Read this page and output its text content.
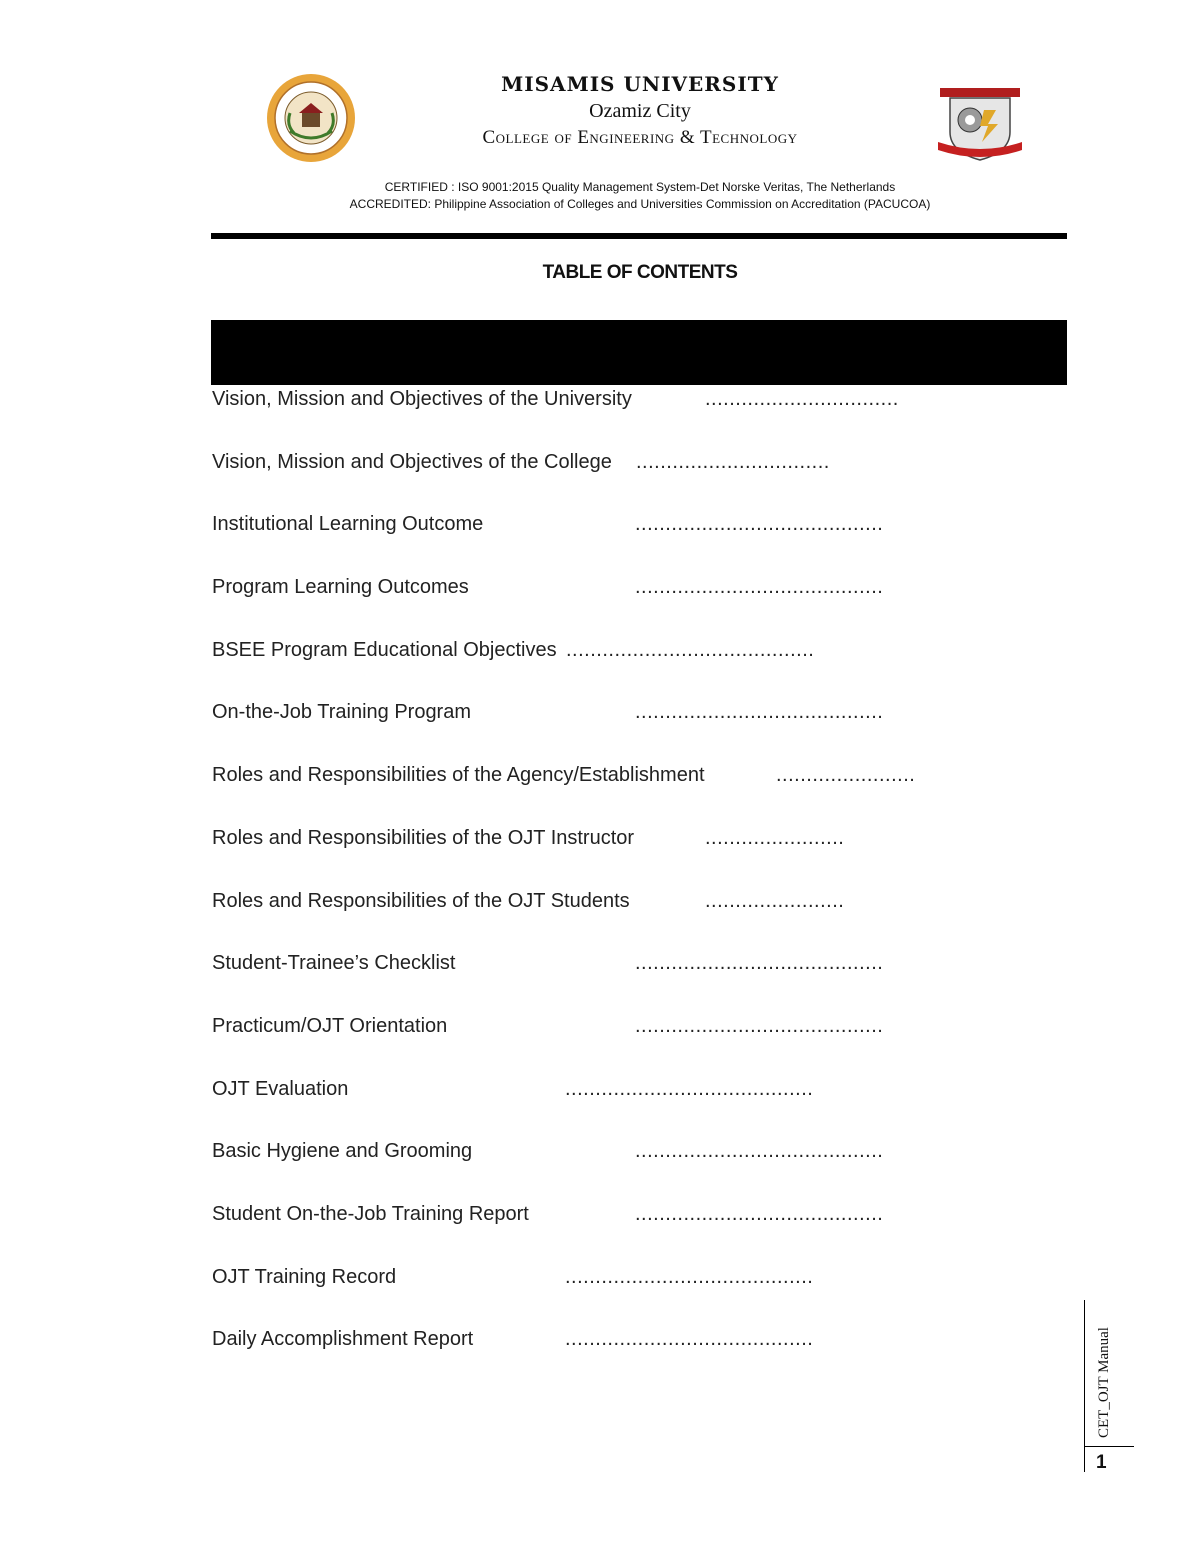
MISAMIS UNIVERSITY
Ozamiz City
College of Engineering & Technology
CERTIFIED : ISO 9001:2015 Quality Management System-Det Norske Veritas, The Netherlands
ACCREDITED: Philippine Association of Colleges and Universities Commission on Accreditation (PACUCOA)
TABLE OF CONTENTS
Vision, Mission and Objectives of the University	................................
Vision, Mission and Objectives of the College ................................
Institutional Learning Outcome	.........................................
Program Learning Outcomes	.........................................
BSEE Program Educational Objectives .........................................
On-the-Job Training Program	.........................................
Roles and Responsibilities of the Agency/Establishment	.......................
Roles and Responsibilities of the OJT Instructor	.......................
Roles and Responsibilities of the OJT Students	.......................
Student-Trainee’s Checklist	.........................................
Practicum/OJT Orientation	.........................................
OJT Evaluation	.........................................
Basic Hygiene and Grooming	.........................................
Student On-the-Job Training Report	.........................................
OJT Training Record	.........................................
Daily Accomplishment Report	.........................................	CET_OJT Manual
1
